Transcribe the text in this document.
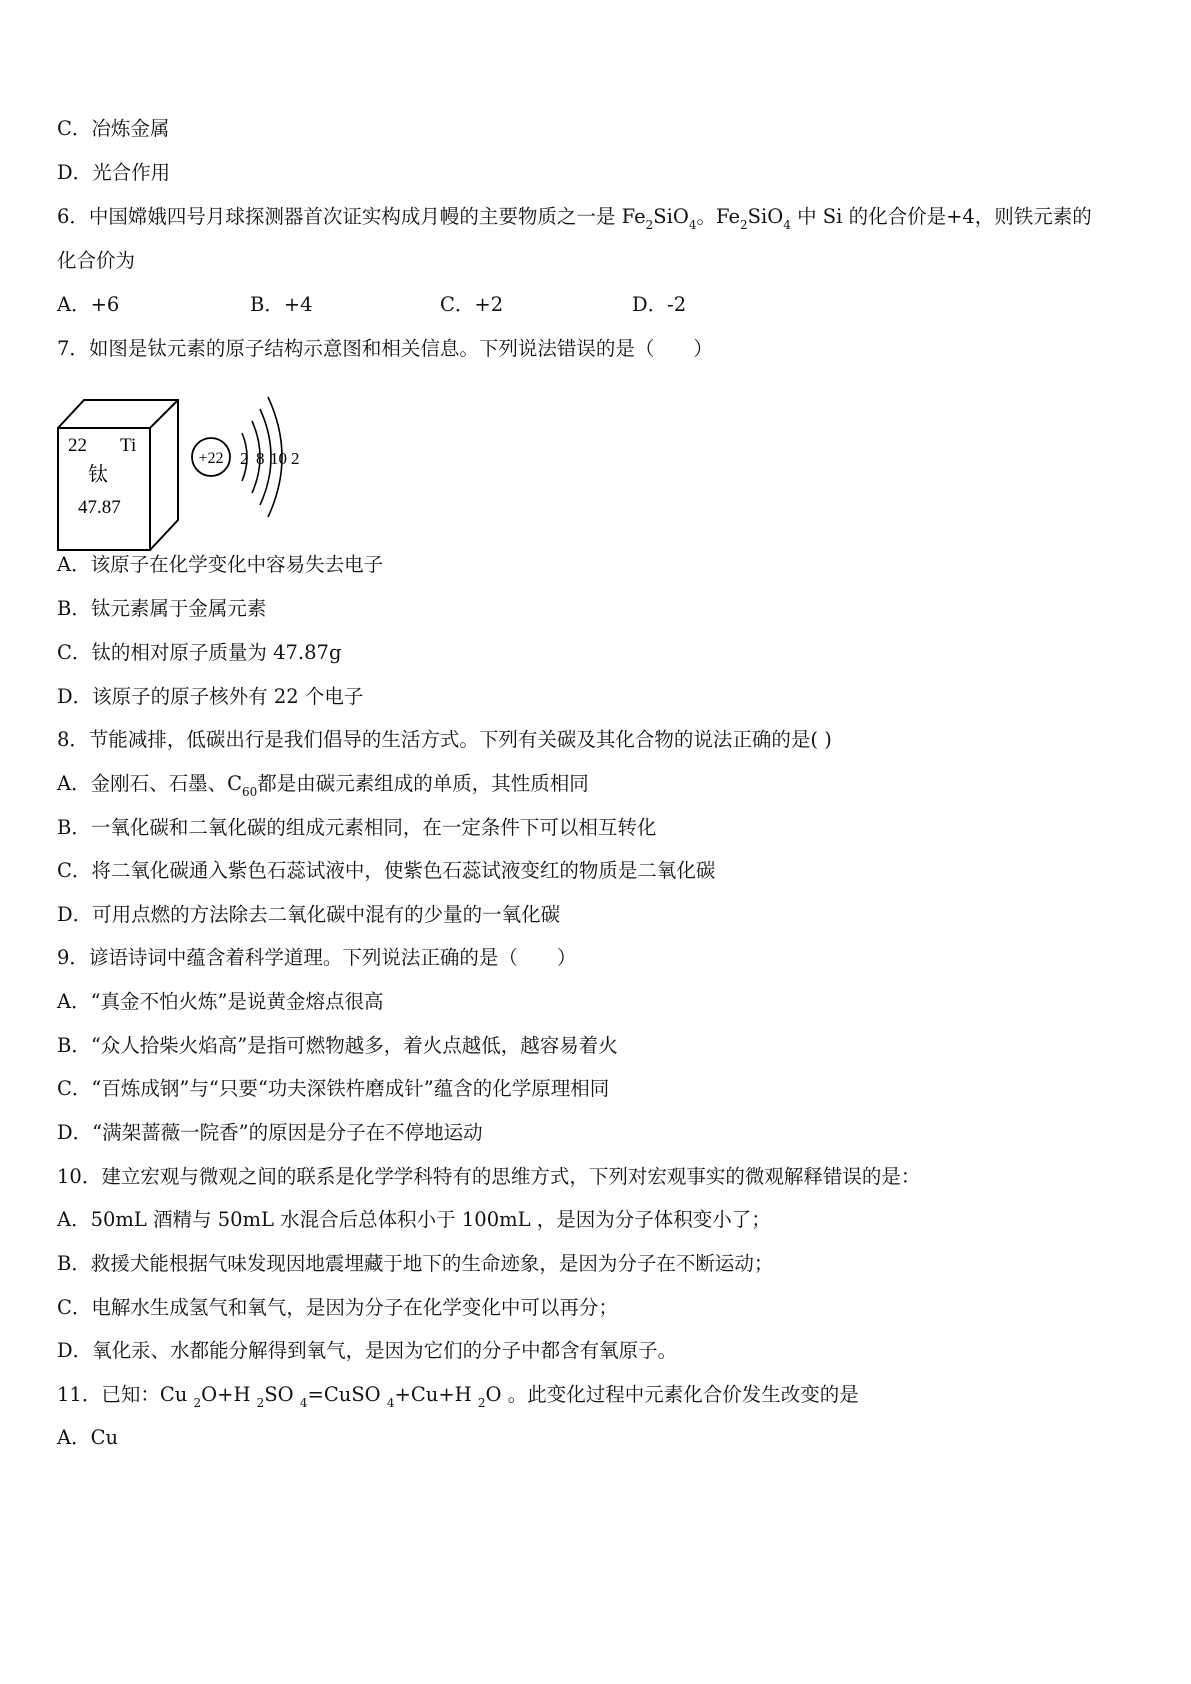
C．冶炼金属
D．光合作用
6．中国嫦娥四号月球探测器首次证实构成月幔的主要物质之一是 $Fe_2SiO_4$。$Fe_2SiO_4$ 中 Si 的化合价是+4，则铁元素的
化合价为
A．+6	B．+4	C．+2	D．-2
7．如图是钛元素的原子结构示意图和相关信息。下列说法错误的是（　　）
22 Ti
钛
47.87
+22 2 8 10 2
A．该原子在化学变化中容易失去电子
B．钛元素属于金属元素
C．钛的相对原子质量为 47.87g
D．该原子的原子核外有 22 个电子
8．节能减排，低碳出行是我们倡导的生活方式。下列有关碳及其化合物的说法正确的是( )
A．金刚石、石墨、$C_{60}$都是由碳元素组成的单质，其性质相同
B．一氧化碳和二氧化碳的组成元素相同，在一定条件下可以相互转化
C．将二氧化碳通入紫色石蕊试液中，使紫色石蕊试液变红的物质是二氧化碳
D．可用点燃的方法除去二氧化碳中混有的少量的一氧化碳
9．谚语诗词中蕴含着科学道理。下列说法正确的是（　　）
A．“真金不怕火炼”是说黄金熔点很高
B．“众人拾柴火焰高”是指可燃物越多，着火点越低，越容易着火
C．“百炼成钢”与“只要“功夫深铁杵磨成针”蕴含的化学原理相同
D．“满架蔷薇一院香”的原因是分子在不停地运动
10．建立宏观与微观之间的联系是化学学科特有的思维方式，下列对宏观事实的微观解释错误的是：
A．50mL 酒精与 50mL 水混合后总体积小于 100mL ，是因为分子体积变小了；
B．救援犬能根据气味发现因地震埋藏于地下的生命迹象，是因为分子在不断运动；
C．电解水生成氢气和氧气，是因为分子在化学变化中可以再分；
D．氧化汞、水都能分解得到氧气，是因为它们的分子中都含有氧原子。
11．已知：Cu $_2$O+H $_2$SO $_4$=CuSO $_4$+Cu+H $_2$O 。此变化过程中元素化合价发生改变的是
A．Cu
